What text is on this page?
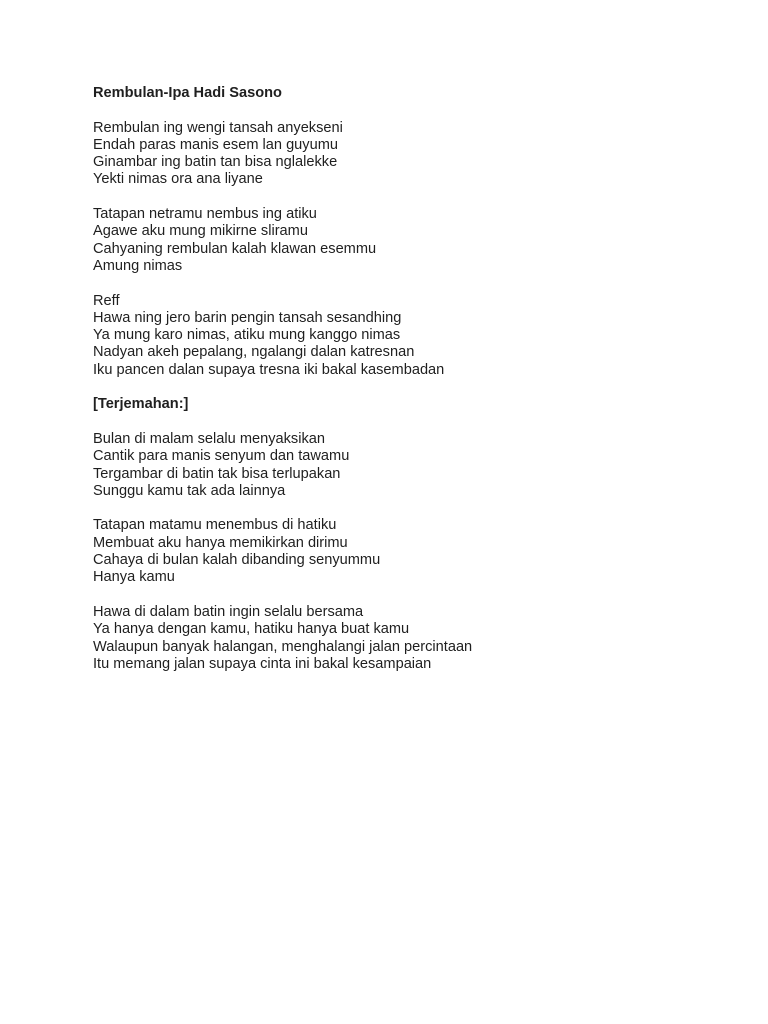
Rembulan-Ipa Hadi Sasono
Rembulan ing wengi tansah anyekseni
Endah paras manis esem lan guyumu
Ginambar ing batin tan bisa nglalekke
Yekti nimas ora ana liyane
Tatapan netramu nembus ing atiku
Agawe aku mung mikirne sliramu
Cahyaning rembulan kalah klawan esemmu
Amung nimas
Reff
Hawa ning jero barin pengin tansah sesandhing
Ya mung karo nimas, atiku mung kanggo nimas
Nadyan akeh pepalang, ngalangi dalan katresnan
Iku pancen dalan supaya tresna iki bakal kasembadan
[Terjemahan:]
Bulan di malam selalu menyaksikan
Cantik para manis senyum dan tawamu
Tergambar di batin tak bisa terlupakan
Sunggu kamu tak ada lainnya
Tatapan matamu menembus di hatiku
Membuat aku hanya memikirkan dirimu
Cahaya di bulan kalah dibanding senyummu
Hanya kamu
Hawa di dalam batin ingin selalu bersama
Ya hanya dengan kamu, hatiku hanya buat kamu
Walaupun banyak halangan, menghalangi jalan percintaan
Itu memang jalan supaya cinta ini bakal kesampaian
